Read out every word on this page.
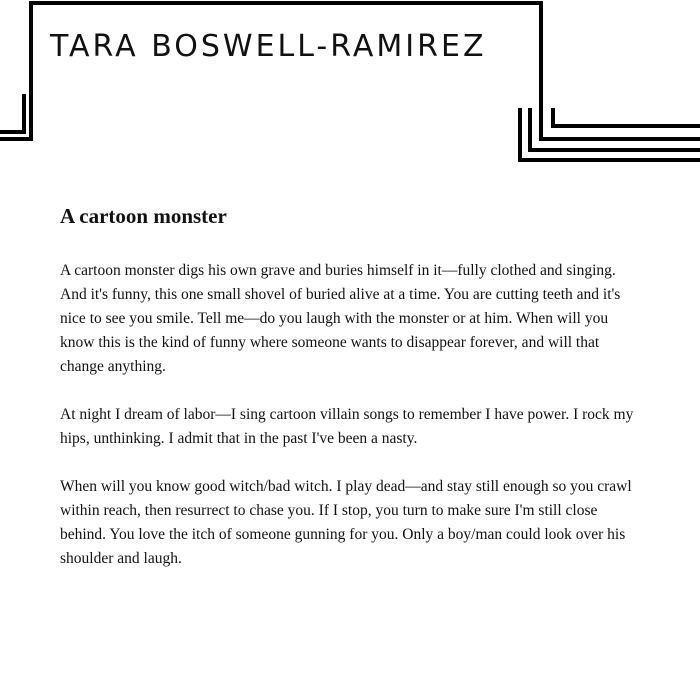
TARA BOSWELL-RAMIREZ
A cartoon monster

A cartoon monster digs his own grave and buries himself in it—fully clothed and singing. And it's funny, this one small shovel of buried alive at a time. You are cutting teeth and it's nice to see you smile. Tell me—do you laugh with the monster or at him. When will you know this is the kind of funny where someone wants to disappear forever, and will that change anything.

At night I dream of labor—I sing cartoon villain songs to remember I have power. I rock my hips, unthinking. I admit that in the past I've been a nasty.

When will you know good witch/bad witch. I play dead—and stay still enough so you crawl within reach, then resurrect to chase you. If I stop, you turn to make sure I'm still close behind. You love the itch of someone gunning for you. Only a boy/man could look over his shoulder and laugh.
